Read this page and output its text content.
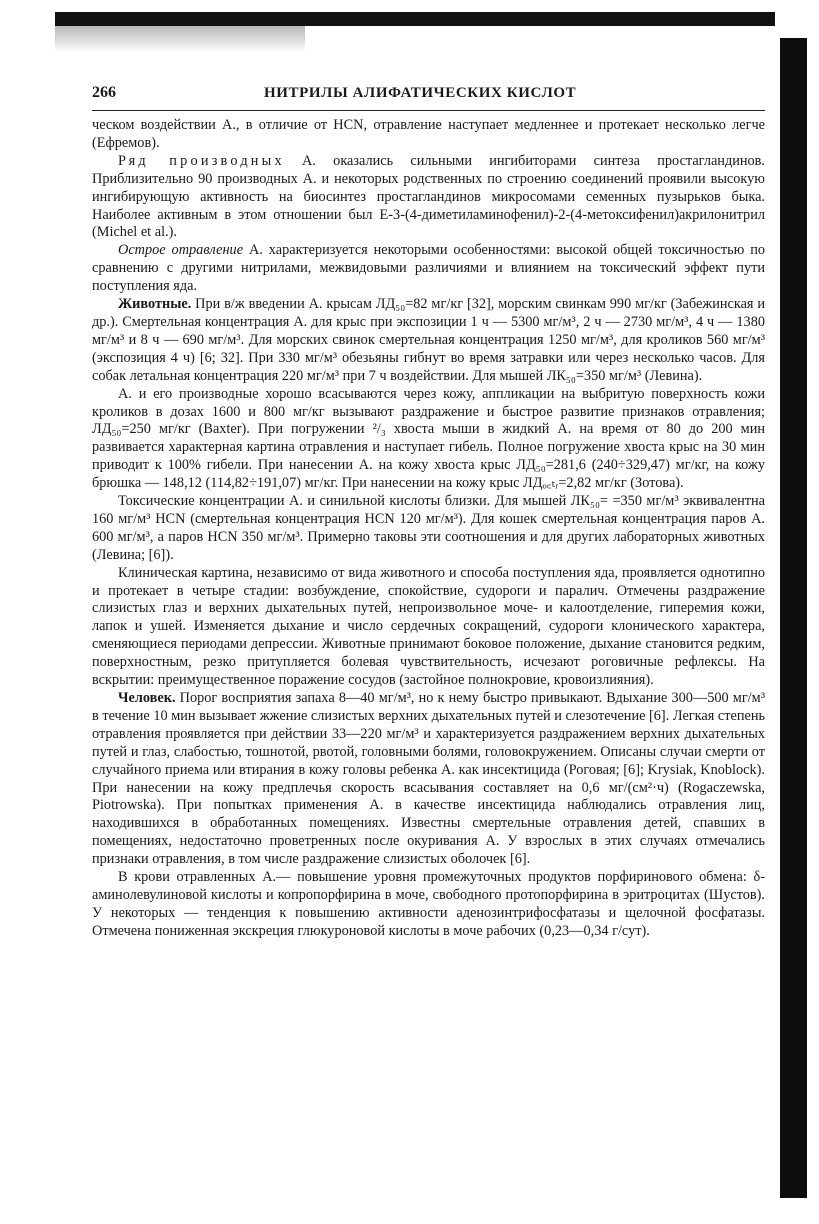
266	НИТРИЛЫ АЛИФАТИЧЕСКИХ КИСЛОТ

ческом воздействии А., в отличие от HCN, отравление наступает медленнее и протекает несколько легче (Ефремов).

Ряд производных А. оказались сильными ингибиторами синтеза простагландинов. Приблизительно 90 производных А. и некоторых родственных по строению соединений проявили высокую ингибирующую активность на биосинтез простагландинов микросомами семенных пузырьков быка. Наиболее активным в этом отношении был E-3-(4-диметиламинофенил)-2-(4-метоксифенил)акрилонитрил (Michel et al.).

Острое отравление А. характеризуется некоторыми особенностями: высокой общей токсичностью по сравнению с другими нитрилами, межвидовыми различиями и влиянием на токсический эффект пути поступления яда.

Животные. При в/ж введении А. крысам ЛД₅₀=82 мг/кг [32], морским свинкам 990 мг/кг (Забежинская и др.). Смертельная концентрация А. для крыс при экспозиции 1 ч — 5300 мг/м³, 2 ч — 2730 мг/м³, 4 ч — 1380 мг/м³ и 8 ч — 690 мг/м³. Для морских свинок смертельная концентрация 1250 мг/м³, для кроликов 560 мг/м³ (экспозиция 4 ч) [6; 32]. При 330 мг/м³ обезьяны гибнут во время затравки или через несколько часов. Для собак летальная концентрация 220 мг/м³ при 7 ч воздействии. Для мышей ЛК₅₀=350 мг/м³ (Левина).

А. и его производные хорошо всасываются через кожу, аппликации на выбритую поверхность кожи кроликов в дозах 1600 и 800 мг/кг вызывают раздражение и быстрое развитие признаков отравления; ЛД₅₀=250 мг/кг (Baxter). При погружении ²/₃ хвоста мыши в жидкий А. на время от 80 до 200 мин развивается характерная картина отравления и наступает гибель. Полное погружение хвоста крыс на 30 мин приводит к 100% гибели. При нанесении А. на кожу хвоста крыс ЛД₅₀=281,6 (240÷329,47) мг/кг, на кожу брюшка — 148,12 (114,82÷191,07) мг/кг. При нанесении на кожу крыс ЛДₒ꜀ₜᵣ=2,82 мг/кг (Зотова).

Токсические концентрации А. и синильной кислоты близки. Для мышей ЛК₅₀= =350 мг/м³ эквивалентна 160 мг/м³ HCN (смертельная концентрация HCN 120 мг/м³). Для кошек смертельная концентрация паров А. 600 мг/м³, а паров HCN 350 мг/м³. Примерно таковы эти соотношения и для других лабораторных животных (Левина; [6]).

Клиническая картина, независимо от вида животного и способа поступления яда, проявляется однотипно и протекает в четыре стадии: возбуждение, спокойствие, судороги и паралич. Отмечены раздражение слизистых глаз и верхних дыхательных путей, непроизвольное моче- и калоотделение, гиперемия кожи, лапок и ушей. Изменяется дыхание и число сердечных сокращений, судороги клонического характера, сменяющиеся периодами депрессии. Животные принимают боковое положение, дыхание становится редким, поверхностным, резко притупляется болевая чувствительность, исчезают роговичные рефлексы. На вскрытии: преимущественное поражение сосудов (застойное полнокровие, кровоизлияния).

Человек. Порог восприятия запаха 8—40 мг/м³, но к нему быстро привыкают. Вдыхание 300—500 мг/м³ в течение 10 мин вызывает жжение слизистых верхних дыхательных путей и слезотечение [6]. Легкая степень отравления проявляется при действии 33—220 мг/м³ и характеризуется раздражением верхних дыхательных путей и глаз, слабостью, тошнотой, рвотой, головными болями, головокружением. Описаны случаи смерти от случайного приема или втирания в кожу головы ребенка А. как инсектицида (Роговая; [6]; Krysiak, Knoblock). При нанесении на кожу предплечья скорость всасывания составляет на 0,6 мг/(см²·ч) (Rogaczewska, Piotrowska). При попытках применения А. в качестве инсектицида наблюдались отравления лиц, находившихся в обработанных помещениях. Известны смертельные отравления детей, спавших в помещениях, недостаточно проветренных после окуривания А. У взрослых в этих случаях отмечались признаки отравления, в том числе раздражение слизистых оболочек [6].

В крови отравленных А.— повышение уровня промежуточных продуктов порфиринового обмена: δ-аминолевулиновой кислоты и копропорфирина в моче, свободного протопорфирина в эритроцитах (Шустов). У некоторых — тенденция к повышению активности аденозинтрифосфатазы и щелочной фосфатазы. Отмечена пониженная экскреция глюкуроновой кислоты в моче рабочих (0,23—0,34 г/сут).
